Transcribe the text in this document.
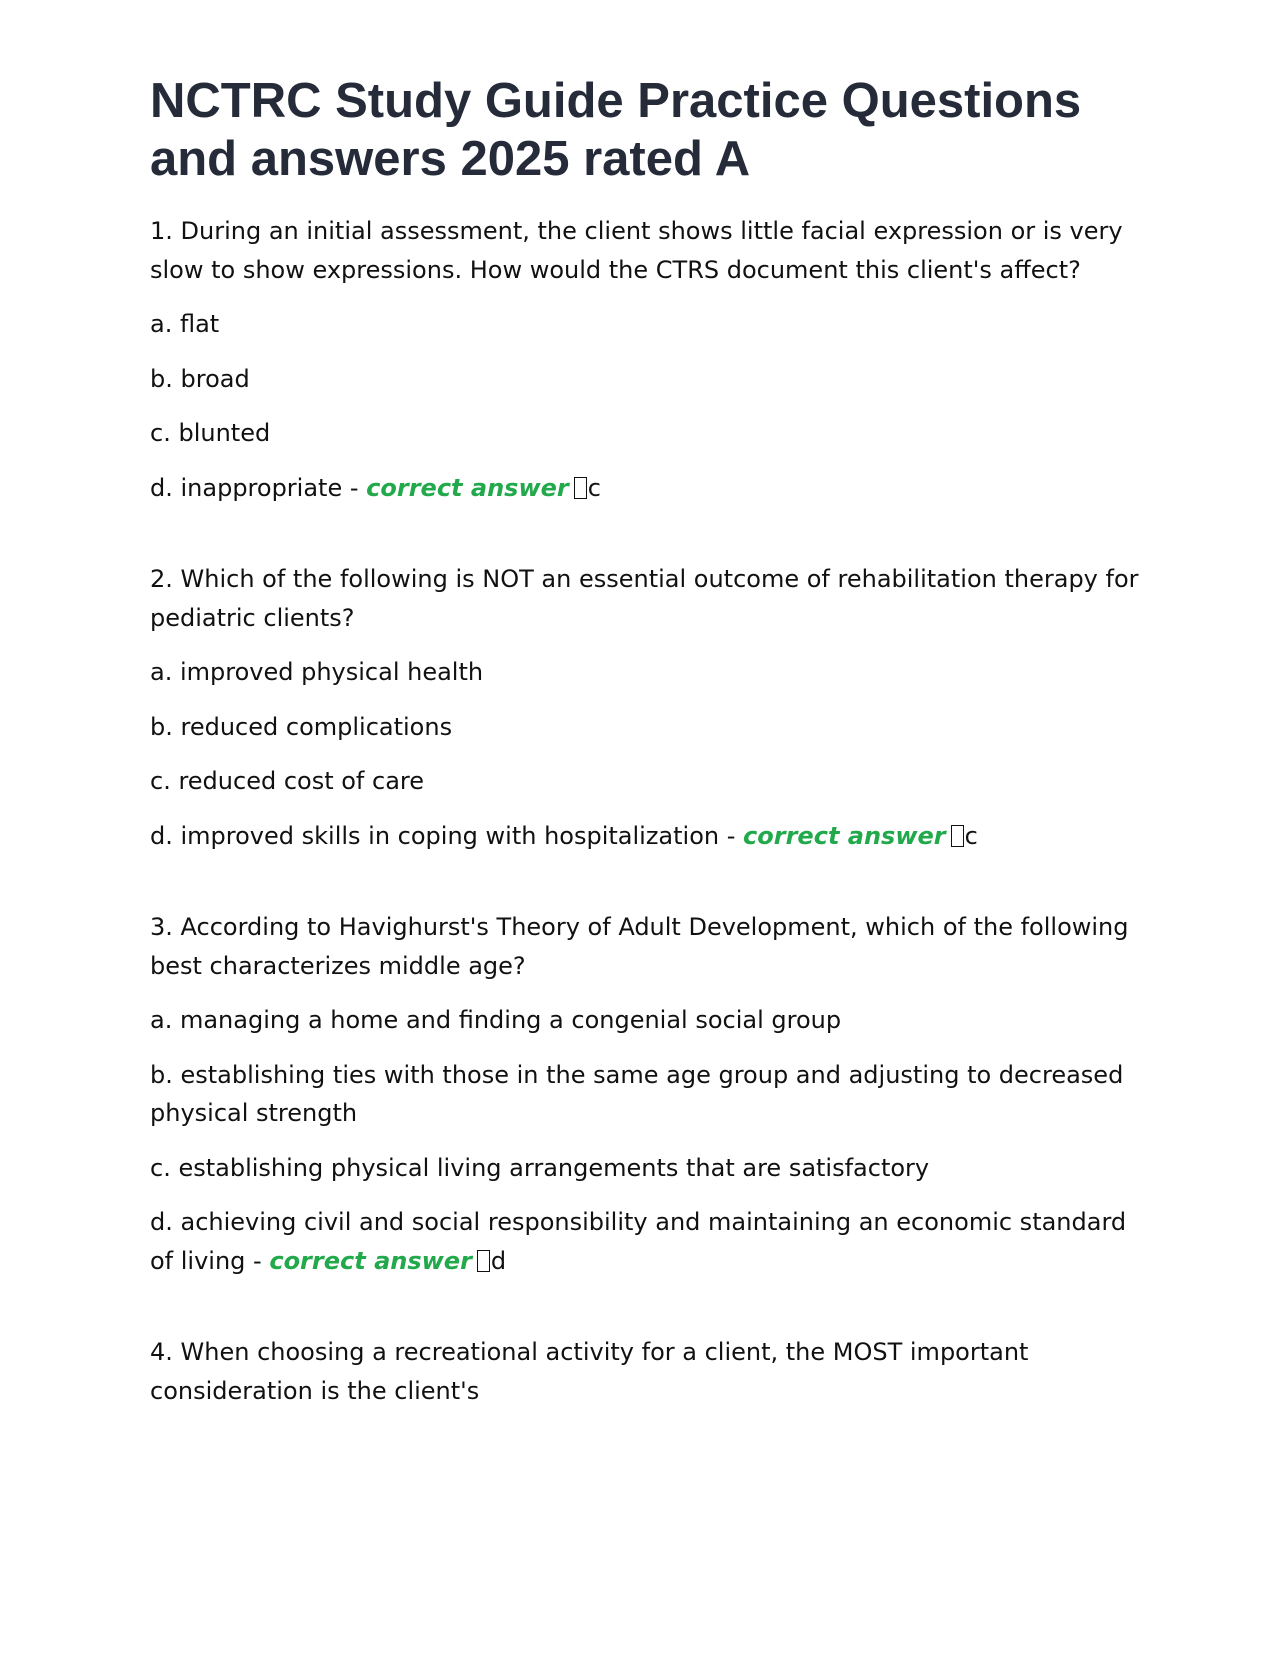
NCTRC Study Guide Practice Questions and answers 2025 rated A

1. During an initial assessment, the client shows little facial expression or is very slow to show expressions. How would the CTRS document this client's affect?

a. flat

b. broad

c. blunted

d. inappropriate - correct answer c

2. Which of the following is NOT an essential outcome of rehabilitation therapy for pediatric clients?

a. improved physical health

b. reduced complications

c. reduced cost of care

d. improved skills in coping with hospitalization - correct answer c

3. According to Havighurst's Theory of Adult Development, which of the following best characterizes middle age?

a. managing a home and finding a congenial social group

b. establishing ties with those in the same age group and adjusting to decreased physical strength

c. establishing physical living arrangements that are satisfactory

d. achieving civil and social responsibility and maintaining an economic standard of living - correct answer d

4. When choosing a recreational activity for a client, the MOST important consideration is the client's
